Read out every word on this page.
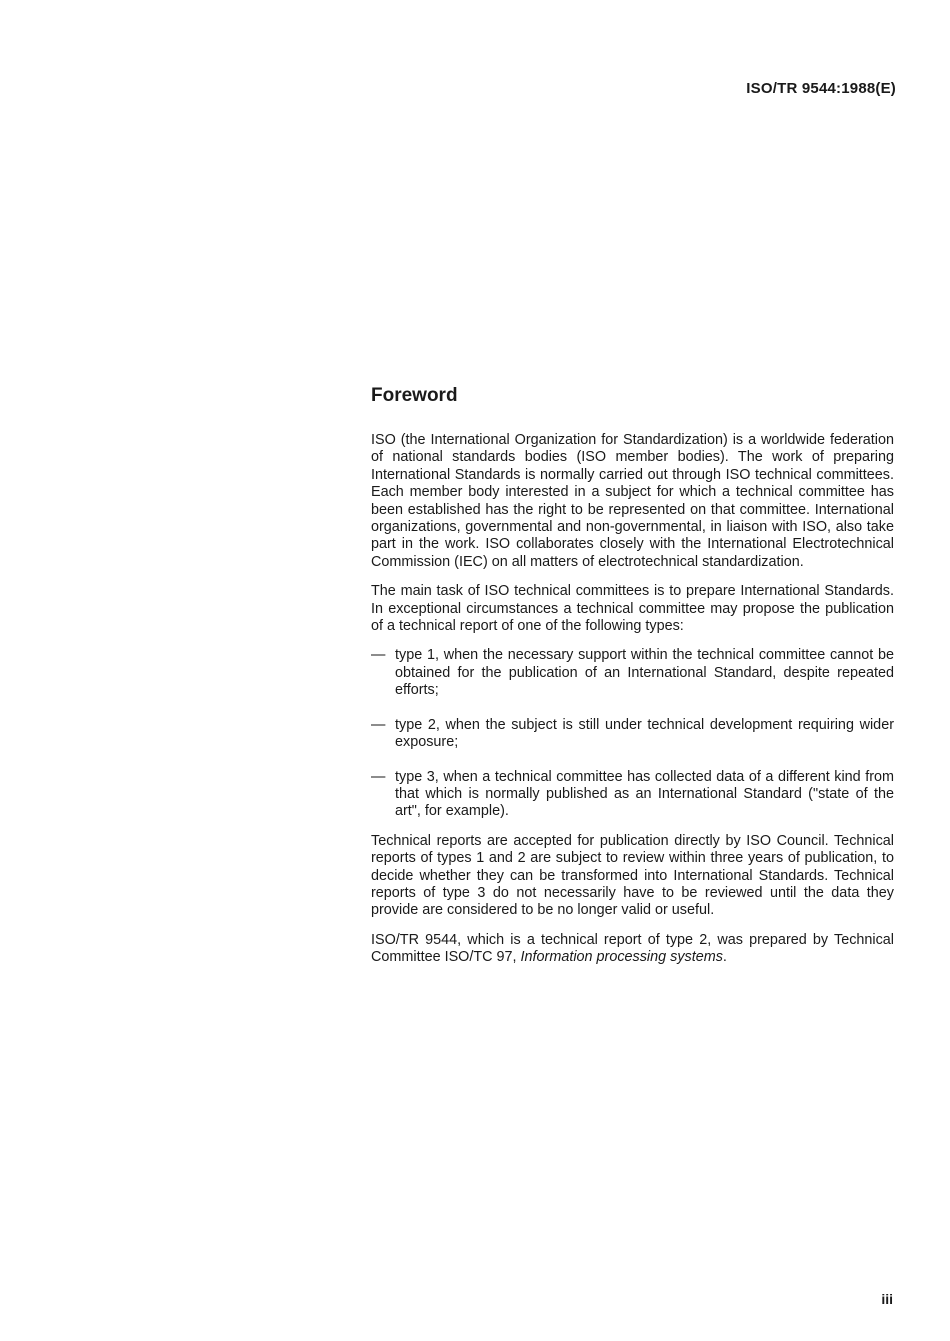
ISO/TR 9544:1988(E)
Foreword

ISO (the International Organization for Standardization) is a worldwide federation of national standards bodies (ISO member bodies). The work of preparing International Standards is normally carried out through ISO technical committees. Each member body interested in a subject for which a technical committee has been established has the right to be represented on that committee. International organizations, governmental and non-governmental, in liaison with ISO, also take part in the work. ISO collaborates closely with the International Electrotechnical Commission (IEC) on all matters of electrotechnical standardization.

The main task of ISO technical committees is to prepare International Standards. In exceptional circumstances a technical committee may propose the publication of a technical report of one of the following types:

— type 1, when the necessary support within the technical committee cannot be obtained for the publication of an International Standard, despite repeated efforts;
— type 2, when the subject is still under technical development requiring wider exposure;
— type 3, when a technical committee has collected data of a different kind from that which is normally published as an International Standard ("state of the art", for example).

Technical reports are accepted for publication directly by ISO Council. Technical reports of types 1 and 2 are subject to review within three years of publication, to decide whether they can be transformed into International Standards. Technical reports of type 3 do not necessarily have to be reviewed until the data they provide are considered to be no longer valid or useful.

ISO/TR 9544, which is a technical report of type 2, was prepared by Technical Committee ISO/TC 97, Information processing systems.

iii
